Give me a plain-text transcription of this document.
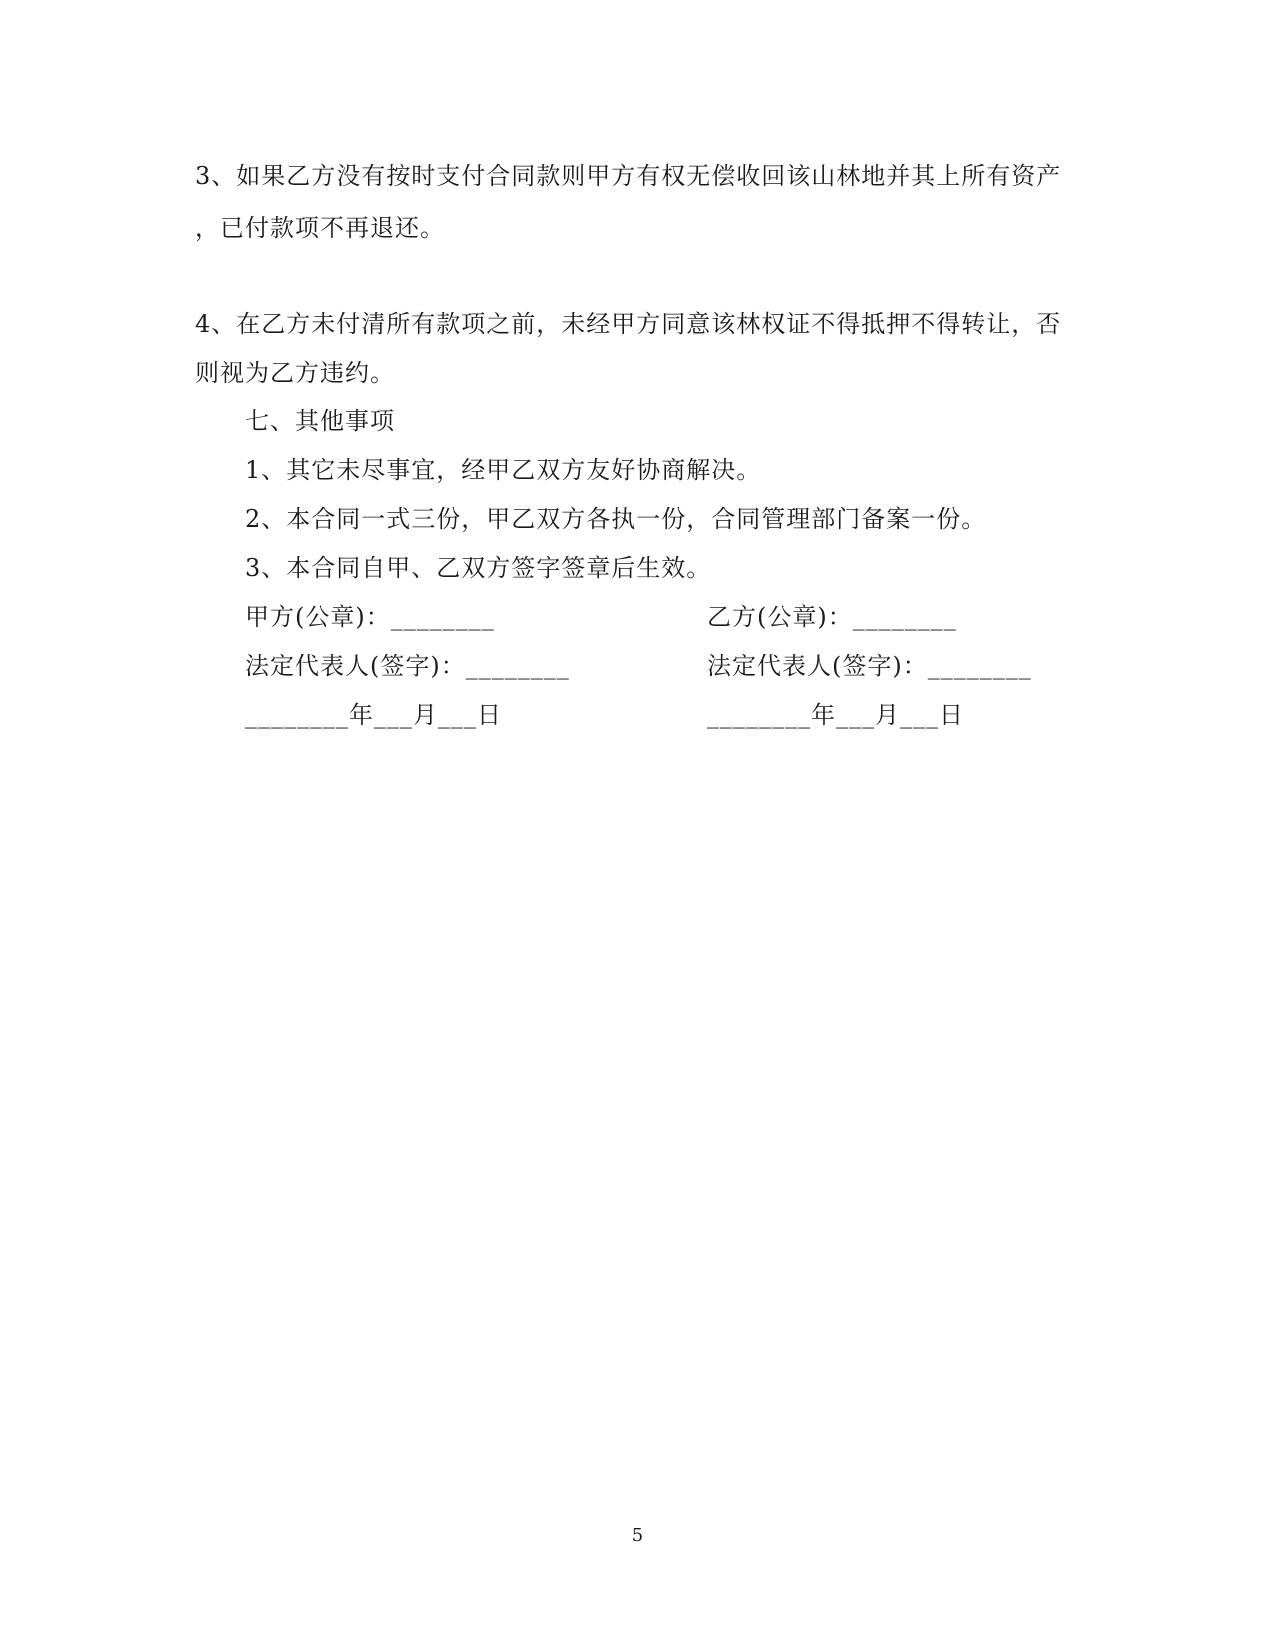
3、如果乙方没有按时支付合同款则甲方有权无偿收回该山林地并其上所有资产
，已付款项不再退还。
4、在乙方未付清所有款项之前，未经甲方同意该林权证不得抵押不得转让，否
则视为乙方违约。
七、其他事项
1、其它未尽事宜，经甲乙双方友好协商解决。
2、本合同一式三份，甲乙双方各执一份，合同管理部门备案一份。
3、本合同自甲、乙双方签字签章后生效。
甲方(公章)：________	乙方(公章)：________
法定代表人(签字)：________	法定代表人(签字)：________
________年___月___日	________年___月___日
5
